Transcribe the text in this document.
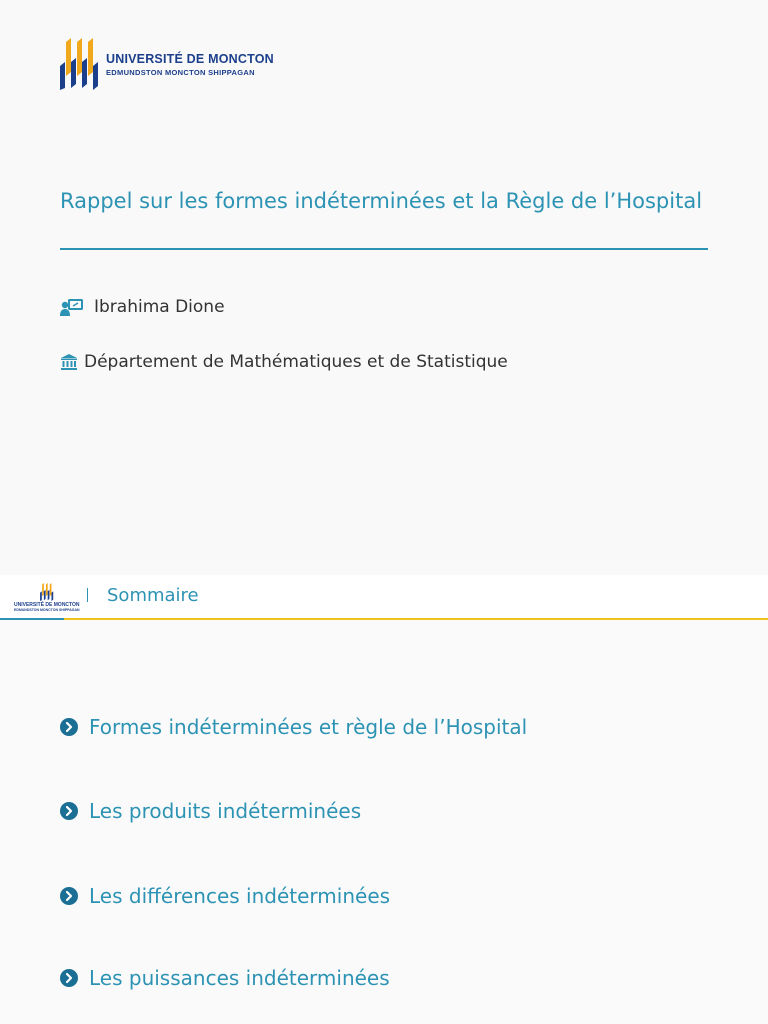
UNIVERSITÉ DE MONCTON
EDMUNDSTON MONCTON SHIPPAGAN
Rappel sur les formes indéterminées et la Règle de l’Hospital
Ibrahima Dione
Département de Mathématiques et de Statistique
UNIVERSITÉ DE MONCTON
EDMUNDSTON MONCTON SHIPPAGAN
Sommaire
Formes indéterminées et règle de l’Hospital
Les produits indéterminées
Les différences indéterminées
Les puissances indéterminées
